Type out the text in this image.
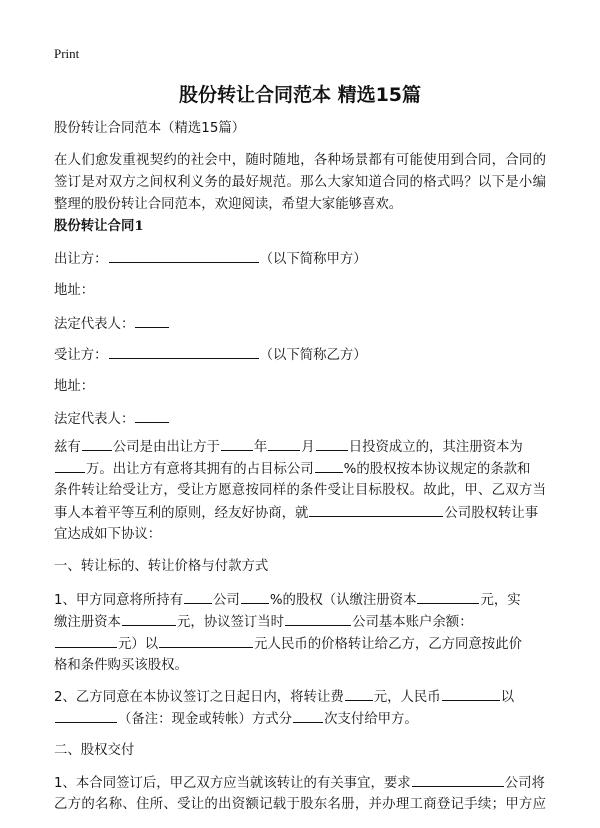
Print
股份转让合同范本 精选15篇
股份转让合同范本（精选15篇）
在人们愈发重视契约的社会中，随时随地，各种场景都有可能使用到合同，合同的
签订是对双方之间权利义务的最好规范。那么大家知道合同的格式吗？以下是小编
整理的股份转让合同范本，欢迎阅读，希望大家能够喜欢。
股份转让合同1
出让方：	（以下简称甲方）
地址：
法定代表人：
受让方：	（以下简称乙方）
地址：
法定代表人：
兹有 公司是由出让方于	年	月	日投资成立的，其注册资本为
万。出让方有意将其拥有的占目标公司 %的股权按本协议规定的条款和
条件转让给受让方，受让方愿意按同样的条件受让目标股权。故此，甲、乙双方当
事人本着平等互利的原则，经友好协商，就	公司股权转让事
宜达成如下协议：
一、转让标的、转让价格与付款方式
1、甲方同意将所持有 公司 %的股权（认缴注册资本	元，实
缴注册资本	元，协议签订当时	公司基本账户余额：
元）以	元人民币的价格转让给乙方，乙方同意按此价
格和条件购买该股权。
2、乙方同意在本协议签订之日起日内，将转让费 元，人民币	以
（备注：现金或转帐）方式分 次支付给甲方。
二、股权交付
1、本合同签订后，甲乙双方应当就该转让的有关事宜，要求	公司将
乙方的名称、住所、受让的出资额记载于股东名册，并办理工商登记手续；甲方应
